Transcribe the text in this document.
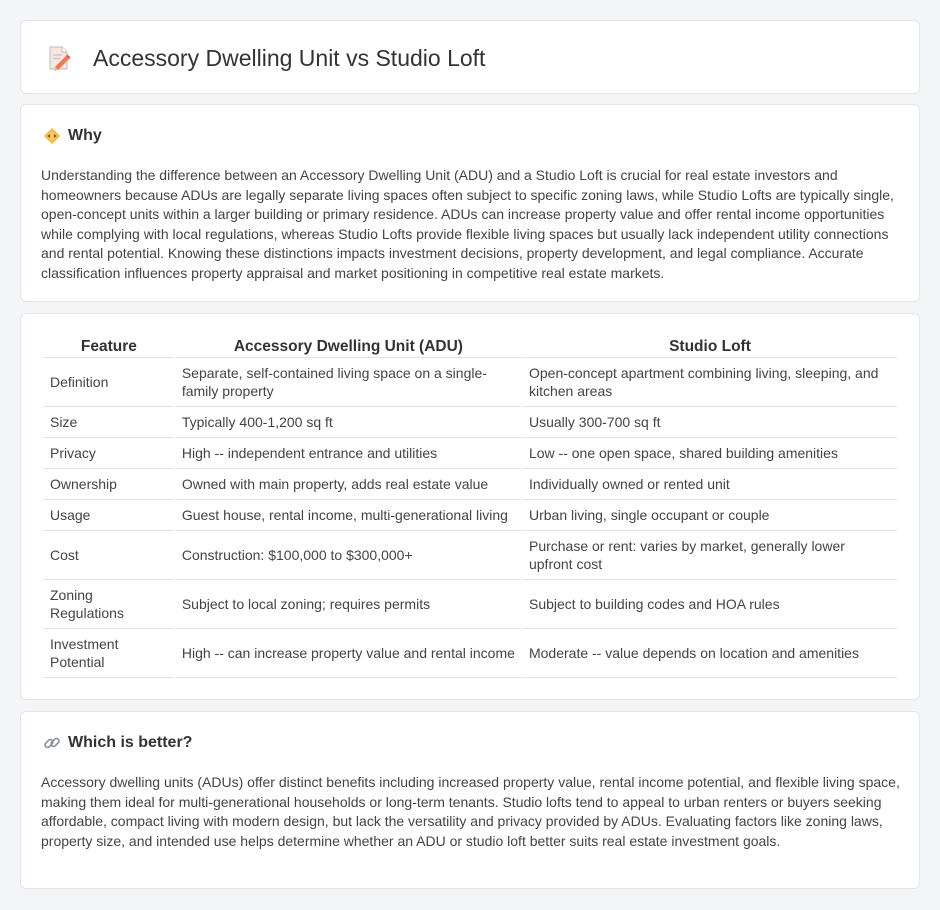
Accessory Dwelling Unit vs Studio Loft
Why

Understanding the difference between an Accessory Dwelling Unit (ADU) and a Studio Loft is crucial for real estate investors and homeowners because ADUs are legally separate living spaces often subject to specific zoning laws, while Studio Lofts are typically single, open-concept units within a larger building or primary residence. ADUs can increase property value and offer rental income opportunities while complying with local regulations, whereas Studio Lofts provide flexible living spaces but usually lack independent utility connections and rental potential. Knowing these distinctions impacts investment decisions, property development, and legal compliance. Accurate classification influences property appraisal and market positioning in competitive real estate markets.

Feature	Accessory Dwelling Unit (ADU)	Studio Loft
Definition	Separate, self-contained living space on a single-family property	Open-concept apartment combining living, sleeping, and kitchen areas
Size	Typically 400-1,200 sq ft	Usually 300-700 sq ft
Privacy	High -- independent entrance and utilities	Low -- one open space, shared building amenities
Ownership	Owned with main property, adds real estate value	Individually owned or rented unit
Usage	Guest house, rental income, multi-generational living	Urban living, single occupant or couple
Cost	Construction: $100,000 to $300,000+	Purchase or rent: varies by market, generally lower upfront cost
Zoning Regulations	Subject to local zoning; requires permits	Subject to building codes and HOA rules
Investment Potential	High -- can increase property value and rental income	Moderate -- value depends on location and amenities
Which is better?

Accessory dwelling units (ADUs) offer distinct benefits including increased property value, rental income potential, and flexible living space, making them ideal for multi-generational households or long-term tenants. Studio lofts tend to appeal to urban renters or buyers seeking affordable, compact living with modern design, but lack the versatility and privacy provided by ADUs. Evaluating factors like zoning laws, property size, and intended use helps determine whether an ADU or studio loft better suits real estate investment goals.
